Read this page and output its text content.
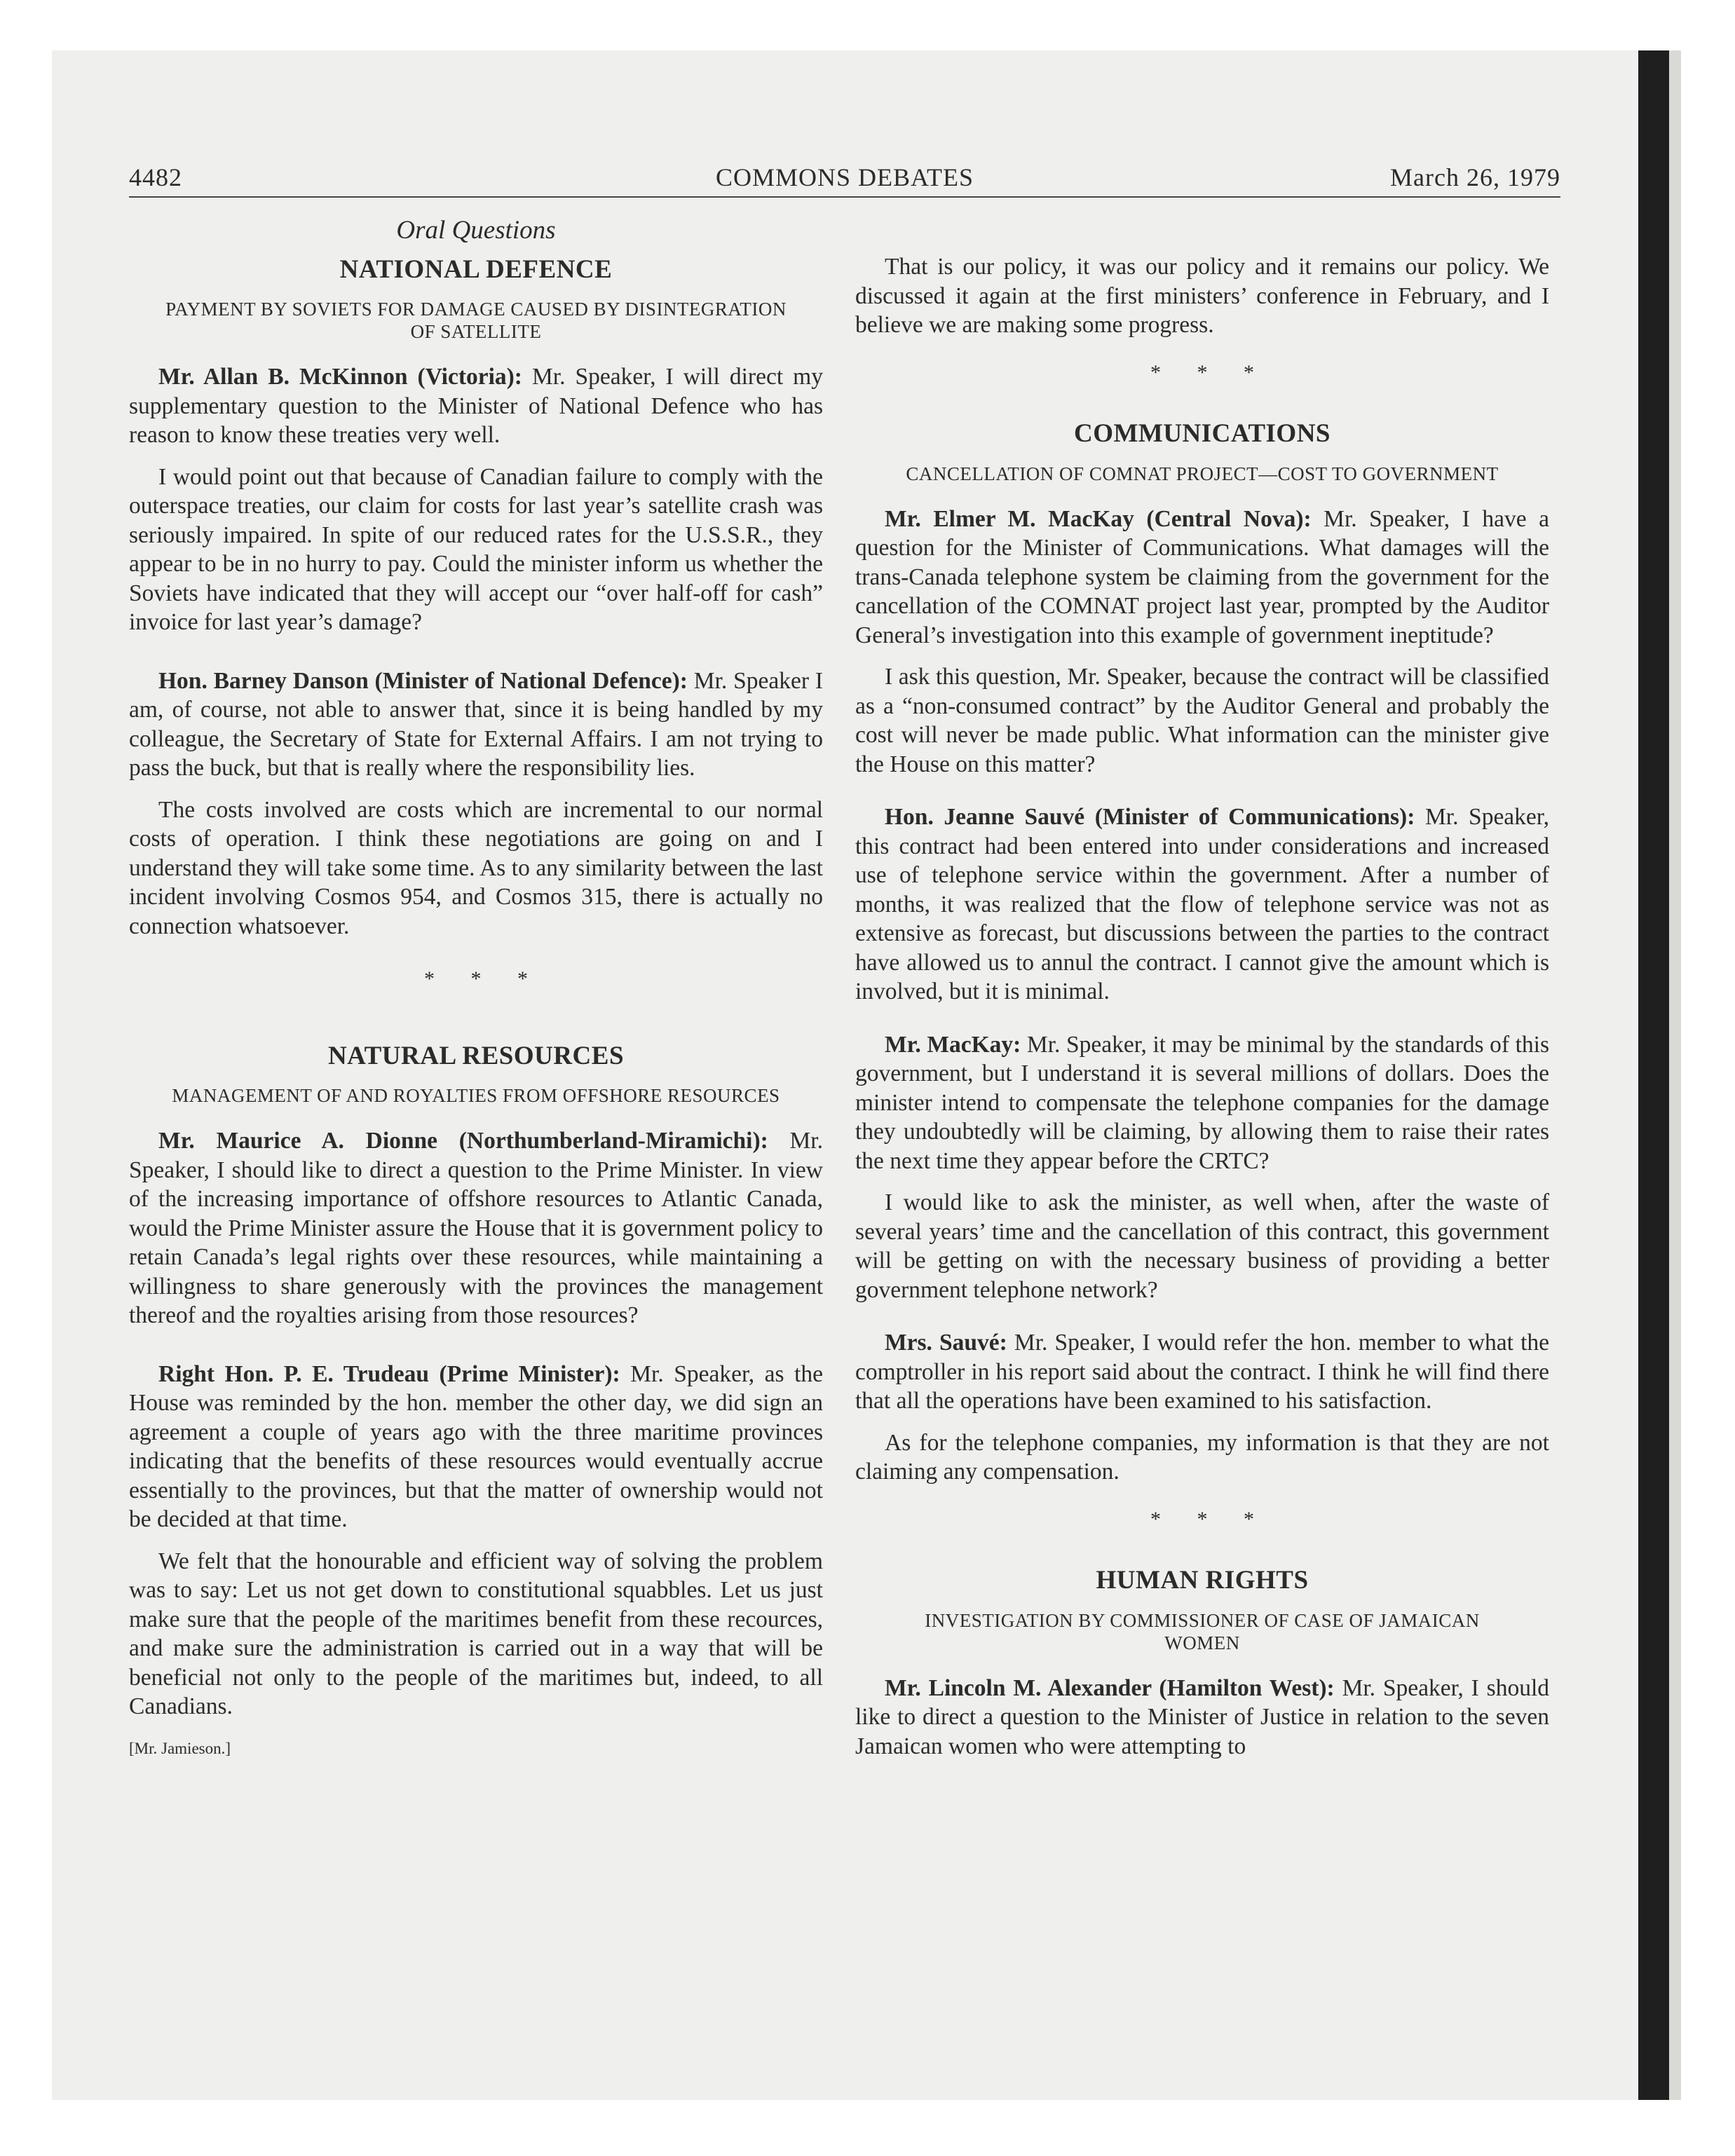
4482	COMMONS DEBATES	March 26, 1979
Oral Questions
NATIONAL DEFENCE
PAYMENT BY SOVIETS FOR DAMAGE CAUSED BY DISINTEGRATION OF SATELLITE

Mr. Allan B. McKinnon (Victoria): Mr. Speaker, I will direct my supplementary question to the Minister of National Defence who has reason to know these treaties very well.

I would point out that because of Canadian failure to comply with the outerspace treaties, our claim for costs for last year’s satellite crash was seriously impaired. In spite of our reduced rates for the U.S.S.R., they appear to be in no hurry to pay. Could the minister inform us whether the Soviets have indicated that they will accept our “over half-off for cash” invoice for last year’s damage?

Hon. Barney Danson (Minister of National Defence): Mr. Speaker I am, of course, not able to answer that, since it is being handled by my colleague, the Secretary of State for External Affairs. I am not trying to pass the buck, but that is really where the responsibility lies.

The costs involved are costs which are incremental to our normal costs of operation. I think these negotiations are going on and I understand they will take some time. As to any similarity between the last incident involving Cosmos 954, and Cosmos 315, there is actually no connection whatsoever.

* * *
NATURAL RESOURCES
MANAGEMENT OF AND ROYALTIES FROM OFFSHORE RESOURCES

Mr. Maurice A. Dionne (Northumberland-Miramichi): Mr. Speaker, I should like to direct a question to the Prime Minister. In view of the increasing importance of offshore resources to Atlantic Canada, would the Prime Minister assure the House that it is government policy to retain Canada’s legal rights over these resources, while maintaining a willingness to share generously with the provinces the management thereof and the royalties arising from those resources?

Right Hon. P. E. Trudeau (Prime Minister): Mr. Speaker, as the House was reminded by the hon. member the other day, we did sign an agreement a couple of years ago with the three maritime provinces indicating that the benefits of these resources would eventually accrue essentially to the provinces, but that the matter of ownership would not be decided at that time.

We felt that the honourable and efficient way of solving the problem was to say: Let us not get down to constitutional squabbles. Let us just make sure that the people of the maritimes benefit from these recources, and make sure the administration is carried out in a way that will be beneficial not only to the people of the maritimes but, indeed, to all Canadians.

[Mr. Jamieson.]

That is our policy, it was our policy and it remains our policy. We discussed it again at the first ministers’ conference in February, and I believe we are making some progress.

* * *
COMMUNICATIONS
CANCELLATION OF COMNAT PROJECT—COST TO GOVERNMENT

Mr. Elmer M. MacKay (Central Nova): Mr. Speaker, I have a question for the Minister of Communications. What damages will the trans-Canada telephone system be claiming from the government for the cancellation of the COMNAT project last year, prompted by the Auditor General’s investigation into this example of government ineptitude?

I ask this question, Mr. Speaker, because the contract will be classified as a “non-consumed contract” by the Auditor General and probably the cost will never be made public. What information can the minister give the House on this matter?

Hon. Jeanne Sauvé (Minister of Communications): Mr. Speaker, this contract had been entered into under considerations and increased use of telephone service within the government. After a number of months, it was realized that the flow of telephone service was not as extensive as forecast, but discussions between the parties to the contract have allowed us to annul the contract. I cannot give the amount which is involved, but it is minimal.

Mr. MacKay: Mr. Speaker, it may be minimal by the standards of this government, but I understand it is several millions of dollars. Does the minister intend to compensate the telephone companies for the damage they undoubtedly will be claiming, by allowing them to raise their rates the next time they appear before the CRTC?

I would like to ask the minister, as well when, after the waste of several years’ time and the cancellation of this contract, this government will be getting on with the necessary business of providing a better government telephone network?

Mrs. Sauvé: Mr. Speaker, I would refer the hon. member to what the comptroller in his report said about the contract. I think he will find there that all the operations have been examined to his satisfaction.

As for the telephone companies, my information is that they are not claiming any compensation.

* * *
HUMAN RIGHTS
INVESTIGATION BY COMMISSIONER OF CASE OF JAMAICAN WOMEN

Mr. Lincoln M. Alexander (Hamilton West): Mr. Speaker, I should like to direct a question to the Minister of Justice in relation to the seven Jamaican women who were attempting to
